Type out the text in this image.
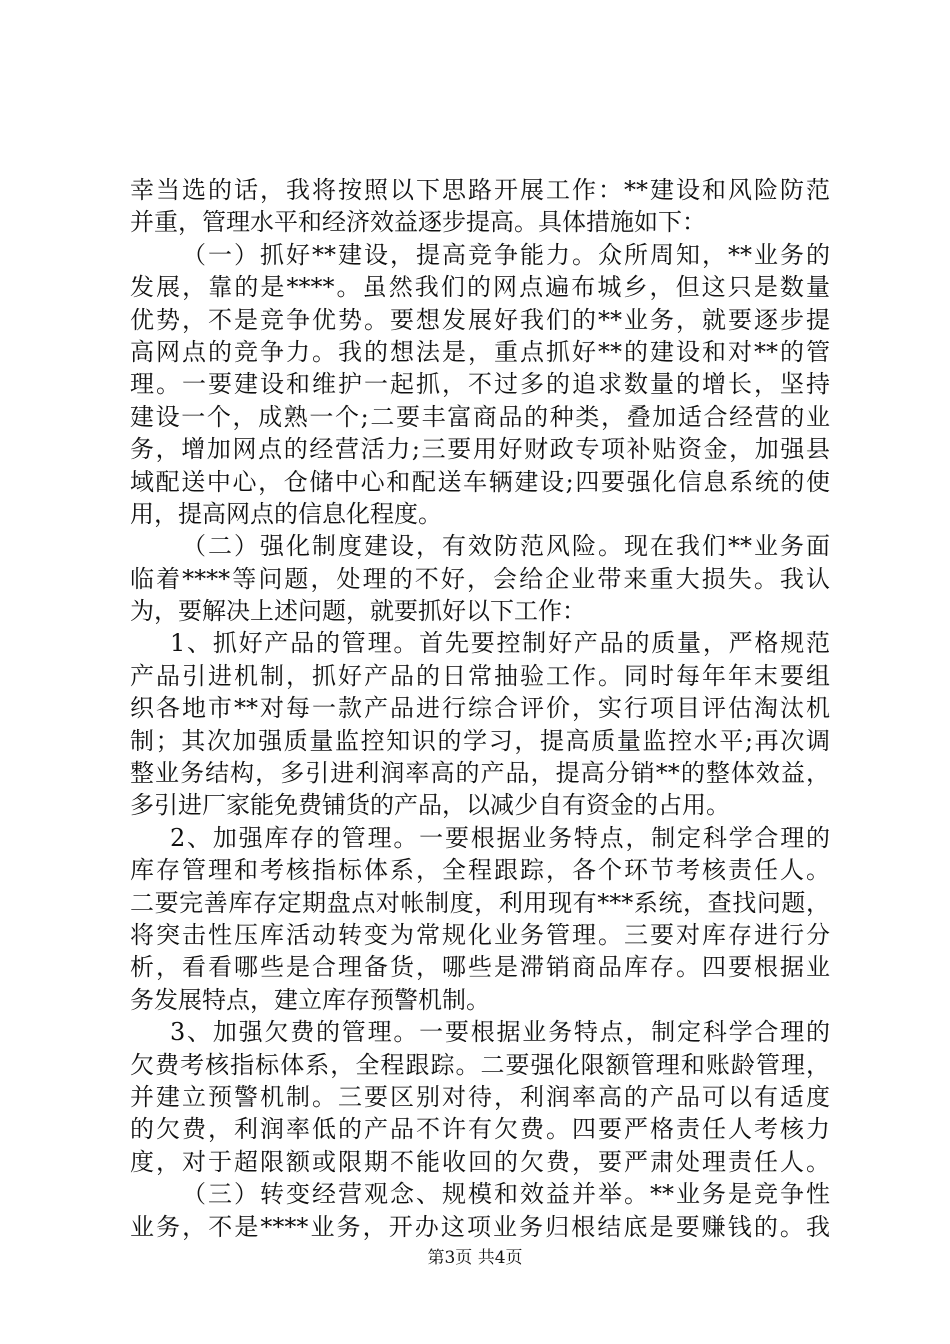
幸当选的话，我将按照以下思路开展工作：**建设和风险防范
并重，管理水平和经济效益逐步提高。具体措施如下：
（一）抓好**建设，提高竞争能力。众所周知，**业务的
发展，靠的是****。虽然我们的网点遍布城乡，但这只是数量
优势，不是竞争优势。要想发展好我们的**业务，就要逐步提
高网点的竞争力。我的想法是，重点抓好**的建设和对**的管
理。一要建设和维护一起抓，不过多的追求数量的增长，坚持
建设一个，成熟一个;二要丰富商品的种类，叠加适合经营的业
务，增加网点的经营活力;三要用好财政专项补贴资金，加强县
域配送中心，仓储中心和配送车辆建设;四要强化信息系统的使
用，提高网点的信息化程度。
（二）强化制度建设，有效防范风险。现在我们**业务面
临着****等问题，处理的不好，会给企业带来重大损失。我认
为，要解决上述问题，就要抓好以下工作：
1、抓好产品的管理。首先要控制好产品的质量，严格规范
产品引进机制，抓好产品的日常抽验工作。同时每年年末要组
织各地市**对每一款产品进行综合评价，实行项目评估淘汰机
制；其次加强质量监控知识的学习，提高质量监控水平;再次调
整业务结构，多引进利润率高的产品，提高分销**的整体效益，
多引进厂家能免费铺货的产品，以减少自有资金的占用。
2、加强库存的管理。一要根据业务特点，制定科学合理的
库存管理和考核指标体系，全程跟踪，各个环节考核责任人。
二要完善库存定期盘点对帐制度，利用现有***系统，查找问题，
将突击性压库活动转变为常规化业务管理。三要对库存进行分
析，看看哪些是合理备货，哪些是滞销商品库存。四要根据业
务发展特点，建立库存预警机制。
3、加强欠费的管理。一要根据业务特点，制定科学合理的
欠费考核指标体系，全程跟踪。二要强化限额管理和账龄管理，
并建立预警机制。三要区别对待，利润率高的产品可以有适度
的欠费，利润率低的产品不许有欠费。四要严格责任人考核力
度，对于超限额或限期不能收回的欠费，要严肃处理责任人。
（三）转变经营观念、规模和效益并举。**业务是竞争性
业务，不是****业务，开办这项业务归根结底是要赚钱的。我
第3页 共4页
